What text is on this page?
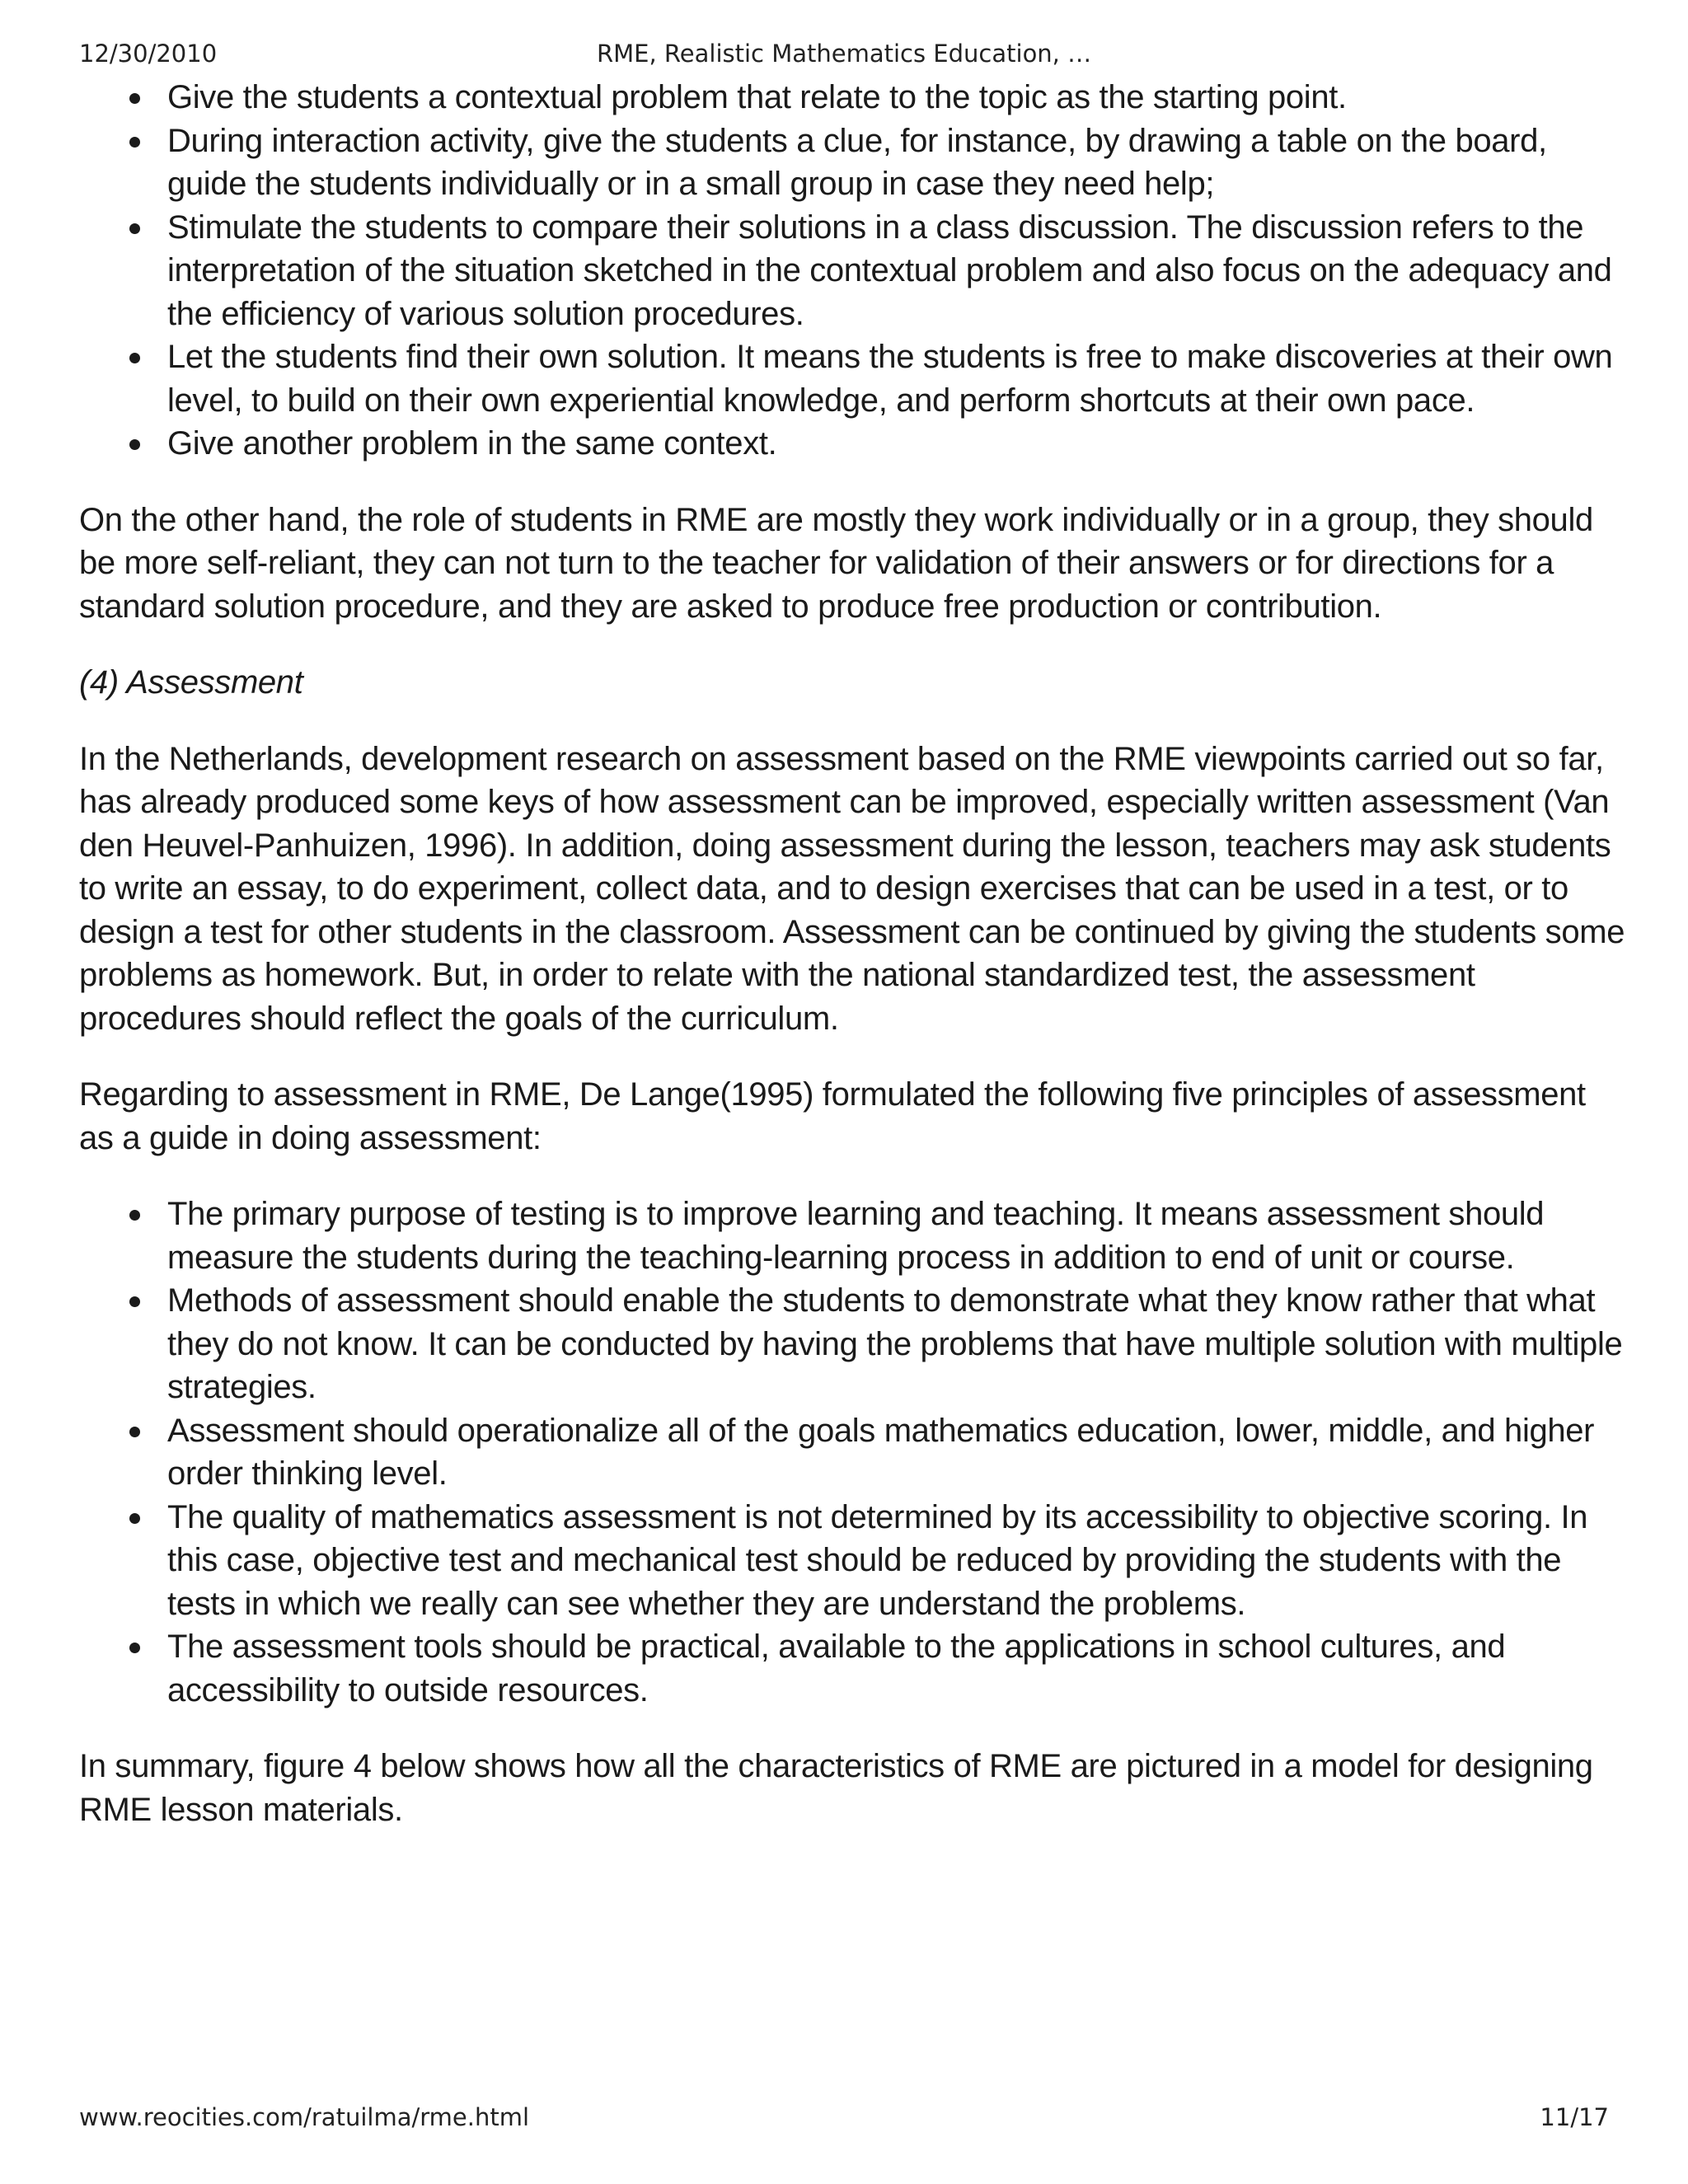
12/30/2010	RME, Realistic Mathematics Education, …
Give the students a contextual problem that relate to the topic as the starting point.
During interaction activity, give the students a clue, for instance, by drawing a table on the board, guide the students individually or in a small group in case they need help;
Stimulate the students to compare their solutions in a class discussion. The discussion refers to the interpretation of the situation sketched in the contextual problem and also focus on the adequacy and the efficiency of various solution procedures.
Let the students find their own solution. It means the students is free to make discoveries at their own level, to build on their own experiential knowledge, and perform shortcuts at their own pace.
Give another problem in the same context.

On the other hand, the role of students in RME are mostly they work individually or in a group, they should be more self-reliant, they can not turn to the teacher for validation of their answers or for directions for a standard solution procedure, and they are asked to produce free production or contribution.

(4) Assessment

In the Netherlands, development research on assessment based on the RME viewpoints carried out so far, has already produced some keys of how assessment can be improved, especially written assessment (Van den Heuvel-Panhuizen, 1996). In addition, doing assessment during the lesson, teachers may ask students to write an essay, to do experiment, collect data, and to design exercises that can be used in a test, or to design a test for other students in the classroom. Assessment can be continued by giving the students some problems as homework. But, in order to relate with the national standardized test, the assessment procedures should reflect the goals of the curriculum.

Regarding to assessment in RME, De Lange(1995) formulated the following five principles of assessment as a guide in doing assessment:

The primary purpose of testing is to improve learning and teaching. It means assessment should measure the students during the teaching-learning process in addition to end of unit or course.
Methods of assessment should enable the students to demonstrate what they know rather that what they do not know. It can be conducted by having the problems that have multiple solution with multiple strategies.
Assessment should operationalize all of the goals mathematics education, lower, middle, and higher order thinking level.
The quality of mathematics assessment is not determined by its accessibility to objective scoring. In this case, objective test and mechanical test should be reduced by providing the students with the tests in which we really can see whether they are understand the problems.
The assessment tools should be practical, available to the applications in school cultures, and accessibility to outside resources.

In summary, figure 4 below shows how all the characteristics of RME are pictured in a model for designing RME lesson materials.

www.reocities.com/ratuilma/rme.html	11/17
